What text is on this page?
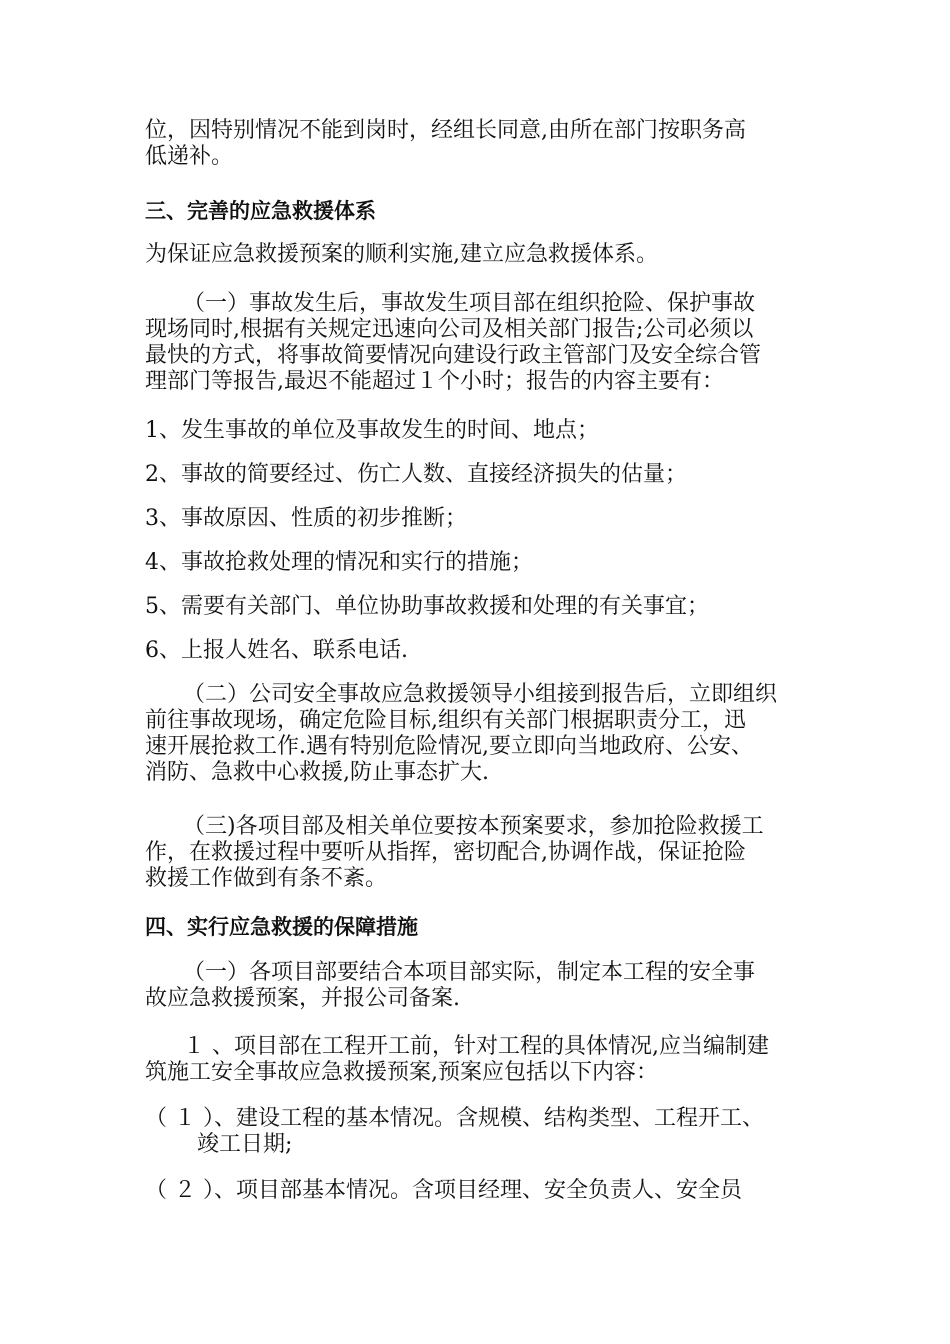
位，因特别情况不能到岗时，经组长同意,由所在部门按职务高
低递补。
三、完善的应急救援体系
为保证应急救援预案的顺利实施,建立应急救援体系。
（一）事故发生后，事故发生项目部在组织抢险、保护事故
现场同时,根据有关规定迅速向公司及相关部门报告;公司必须以
最快的方式，将事故简要情况向建设行政主管部门及安全综合管
理部门等报告,最迟不能超过１个小时；报告的内容主要有：
1、发生事故的单位及事故发生的时间、地点；
2、事故的简要经过、伤亡人数、直接经济损失的估量；
3、事故原因、性质的初步推断；
4、事故抢救处理的情况和实行的措施；
5、需要有关部门、单位协助事故救援和处理的有关事宜；
6、上报人姓名、联系电话.
（二）公司安全事故应急救援领导小组接到报告后，立即组织
前往事故现场，确定危险目标,组织有关部门根据职责分工，迅
速开展抢救工作.遇有特别危险情况,要立即向当地政府、公安、
消防、急救中心救援,防止事态扩大.
（三)各项目部及相关单位要按本预案要求，参加抢险救援工
作，在救援过程中要听从指挥，密切配合,协调作战，保证抢险
救援工作做到有条不紊。
四、实行应急救援的保障措施
（一）各项目部要结合本项目部实际，制定本工程的安全事
故应急救援预案，并报公司备案.
１ 、项目部在工程开工前，针对工程的具体情况,应当编制建
筑施工安全事故应急救援预案,预案应包括以下内容：
（ １ ）、建设工程的基本情况。含规模、结构类型、工程开工、
竣工日期;
（ ２ ）、项目部基本情况。含项目经理、安全负责人、安全员
